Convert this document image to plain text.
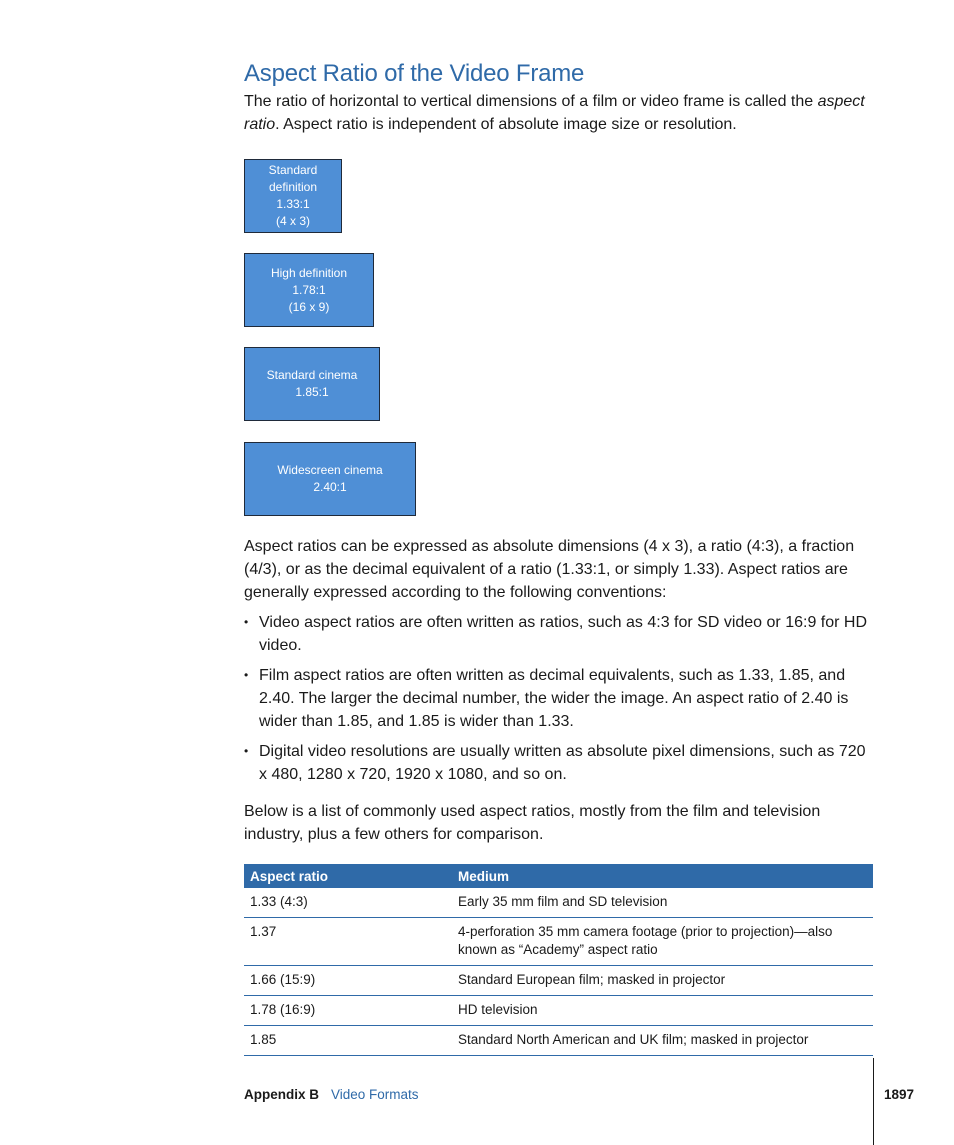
Aspect Ratio of the Video Frame

The ratio of horizontal to vertical dimensions of a film or video frame is called the aspect ratio. Aspect ratio is independent of absolute image size or resolution.

Standard
definition
1.33:1
(4 x 3)
High definition
1.78:1
(16 x 9)
Standard cinema
1.85:1
Widescreen cinema
2.40:1

Aspect ratios can be expressed as absolute dimensions (4 x 3), a ratio (4:3), a fraction (4/3), or as the decimal equivalent of a ratio (1.33:1, or simply 1.33). Aspect ratios are generally expressed according to the following conventions:

• Video aspect ratios are often written as ratios, such as 4:3 for SD video or 16:9 for HD video.
• Film aspect ratios are often written as decimal equivalents, such as 1.33, 1.85, and 2.40. The larger the decimal number, the wider the image. An aspect ratio of 2.40 is wider than 1.85, and 1.85 is wider than 1.33.
• Digital video resolutions are usually written as absolute pixel dimensions, such as 720 x 480, 1280 x 720, 1920 x 1080, and so on.

Below is a list of commonly used aspect ratios, mostly from the film and television industry, plus a few others for comparison.

Aspect ratio	Medium
1.33 (4:3)	Early 35 mm film and SD television
1.37	4-perforation 35 mm camera footage (prior to projection)—also known as “Academy” aspect ratio
1.66 (15:9)	Standard European film; masked in projector
1.78 (16:9)	HD television
1.85	Standard North American and UK film; masked in projector
Appendix B Video Formats	1897
